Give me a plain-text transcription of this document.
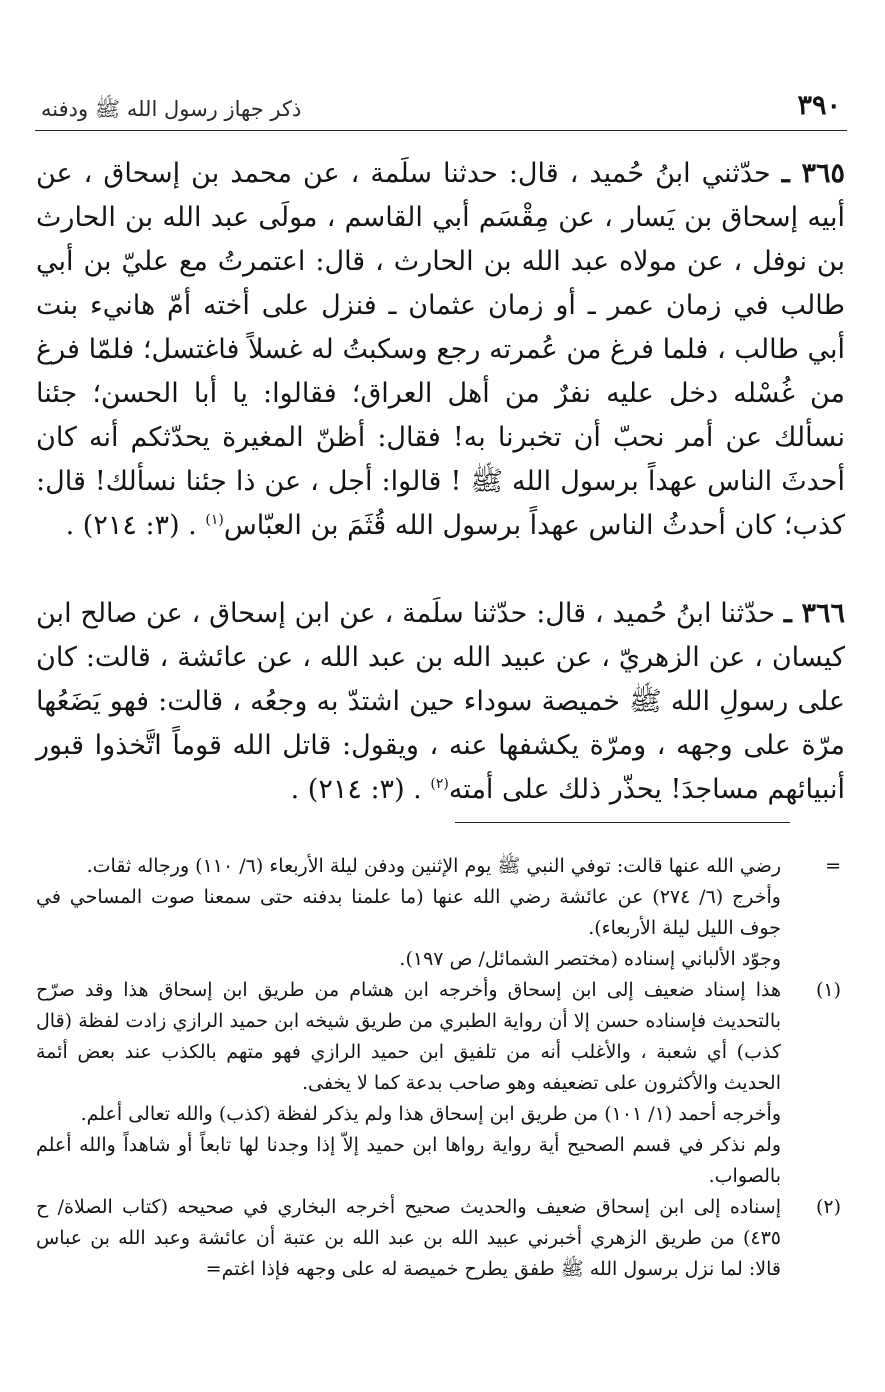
٣٩٠
ذكر جهاز رسول الله ﷺ ودفنه

٣٦٥ ـ حدّثني ابنُ حُميد ، قال: حدثنا سلَمة ، عن محمد بن إسحاق ، عن أبيه إسحاق بن يَسار ، عن مِقْسَم أبي القاسم ، مولَى عبد الله بن الحارث بن نوفل ، عن مولاه عبد الله بن الحارث ، قال: اعتمرتُ مع عليّ بن أبي طالب في زمان عمر ـ أو زمان عثمان ـ فنزل على أخته أمّ هانيء بنت أبي طالب ، فلما فرغ من عُمرته رجع وسكبتُ له غسلاً فاغتسل؛ فلمّا فرغ من غُسْله دخل عليه نفرٌ من أهل العراق؛ فقالوا: يا أبا الحسن؛ جئنا نسألك عن أمر نحبّ أن تخبرنا به! فقال: أظنّ المغيرة يحدّثكم أنه كان أحدثَ الناس عهداً برسول الله ﷺ ! قالوا: أجل ، عن ذا جئنا نسألك! قال: كذب؛ كان أحدثُ الناس عهداً برسول الله قُثَمَ بن العبّاس$^{(١)}$ . (٣: ٢١٤) .

٣٦٦ ـ حدّثنا ابنُ حُميد ، قال: حدّثنا سلَمة ، عن ابن إسحاق ، عن صالح ابن كيسان ، عن الزهريّ ، عن عبيد الله بن عبد الله ، عن عائشة ، قالت: كان على رسولِ الله ﷺ خميصة سوداء حين اشتدّ به وجعُه ، قالت: فهو يَضَعُها مرّة على وجهه ، ومرّة يكشفها عنه ، ويقول: قاتل الله قوماً اتَّخذوا قبور أنبيائهم مساجدَ! يحذّر ذلك على أمته$^{(٢)}$ . (٣: ٢١٤) .

=
رضي الله عنها قالت: توفي النبي ﷺ يوم الإثنين ودفن ليلة الأربعاء (٦/ ١١٠) ورجاله ثقات.
وأخرج (٦/ ٢٧٤) عن عائشة رضي الله عنها (ما علمنا بدفنه حتى سمعنا صوت المساحي في جوف الليل ليلة الأربعاء).
وجوّد الألباني إسناده (مختصر الشمائل/ ص ١٩٧).
(١)
هذا إسناد ضعيف إلى ابن إسحاق وأخرجه ابن هشام من طريق ابن إسحاق هذا وقد صرّح بالتحديث فإسناده حسن إلا أن رواية الطبري من طريق شيخه ابن حميد الرازي زادت لفظة (قال كذب) أي شعبة ، والأغلب أنه من تلفيق ابن حميد الرازي فهو متهم بالكذب عند بعض أئمة الحديث والأكثرون على تضعيفه وهو صاحب بدعة كما لا يخفى.
وأخرجه أحمد (١/ ١٠١) من طريق ابن إسحاق هذا ولم يذكر لفظة (كذب) والله تعالى أعلم.
ولم نذكر في قسم الصحيح أية رواية رواها ابن حميد إلاّ إذا وجدنا لها تابعاً أو شاهداً والله أعلم بالصواب.
(٢)
إسناده إلى ابن إسحاق ضعيف والحديث صحيح أخرجه البخاري في صحيحه (كتاب الصلاة/ ح ٤٣٥) من طريق الزهري أخبرني عبيد الله بن عبد الله بن عتبة أن عائشة وعبد الله بن عباس قالا: لما نزل برسول الله ﷺ طفق يطرح خميصة له على وجهه فإذا اغتم=
